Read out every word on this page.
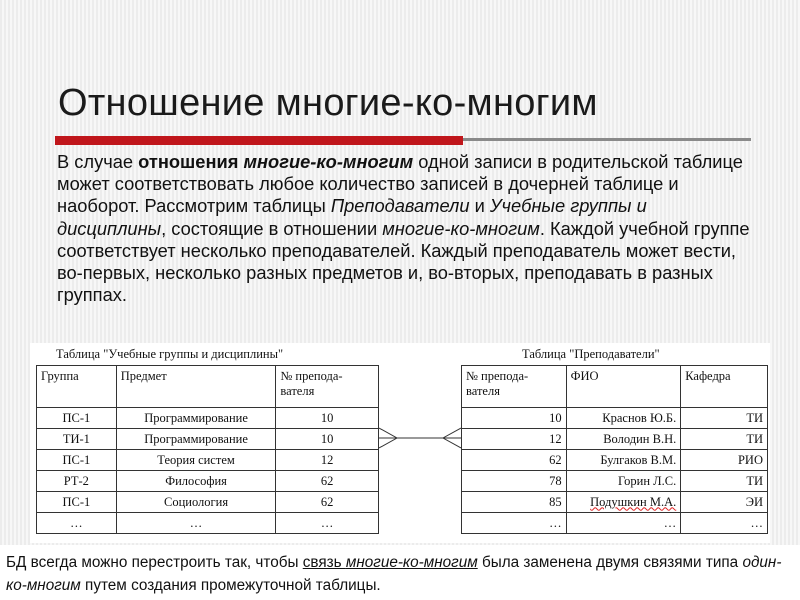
Отношение многие-ко-многим

В случае отношения многие-ко-многим одной записи в родительской таблице может соответствовать любое количество записей в дочерней таблице и наоборот. Рассмотрим таблицы Преподаватели и Учебные группы и дисциплины, состоящие в отношении многие-ко-многим. Каждой учебной группе соответствует несколько преподавателей. Каждый преподаватель может вести, во-первых, несколько разных предметов и, во-вторых, преподавать в разных группах.

Таблица "Учебные группы и дисциплины"
Группа	Предмет	№ препода-вателя
ПС-1	Программирование	10
ТИ-1	Программирование	10
ПС-1	Теория систем	12
РТ-2	Философия	62
ПС-1	Социология	62
…	…	…
Таблица "Преподаватели"
№ препода-вателя	ФИО	Кафедра
10	Краснов Ю.Б.	ТИ
12	Володин В.Н.	ТИ
62	Булгаков В.М.	РИО
78	Горин Л.С.	ТИ
85	Подушкин М.А.	ЭИ
…	…	…

БД всегда можно перестроить так, чтобы связь многие-ко-многим была заменена двумя связями типа один-ко-многим путем создания промежуточной таблицы.
